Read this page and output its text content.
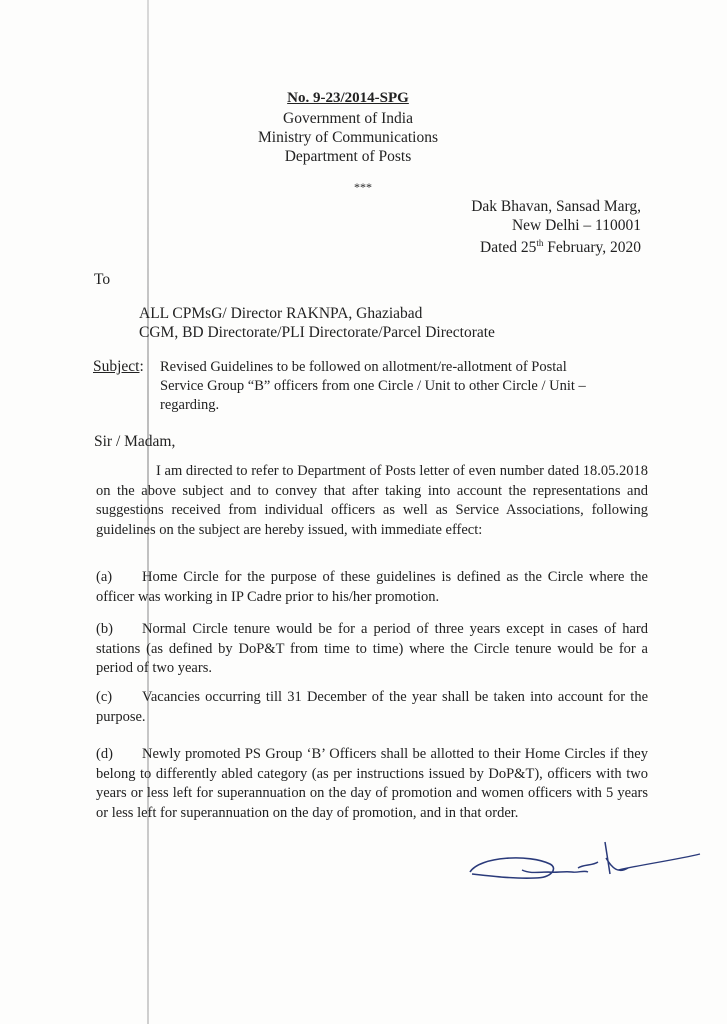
No. 9-23/2014-SPG
Government of India
Ministry of Communications
Department of Posts
***
Dak Bhavan, Sansad Marg,
New Delhi – 110001
Dated 25th February, 2020
To
ALL CPMsG/ Director RAKNPA, Ghaziabad
CGM, BD Directorate/PLI Directorate/Parcel Directorate
Subject: Revised Guidelines to be followed on allotment/re-allotment of Postal
Service Group “B” officers from one Circle / Unit to other Circle / Unit –
regarding.
Sir / Madam,
I am directed to refer to Department of Posts letter of even number dated 18.05.2018 on the above subject and to convey that after taking into account the representations and suggestions received from individual officers as well as Service Associations, following guidelines on the subject are hereby issued, with immediate effect:
(a) Home Circle for the purpose of these guidelines is defined as the Circle where the officer was working in IP Cadre prior to his/her promotion.
(b) Normal Circle tenure would be for a period of three years except in cases of hard stations (as defined by DoP&T from time to time) where the Circle tenure would be for a period of two years.
(c) Vacancies occurring till 31 December of the year shall be taken into account for the purpose.
(d) Newly promoted PS Group ‘B’ Officers shall be allotted to their Home Circles if they belong to differently abled category (as per instructions issued by DoP&T), officers with two years or less left for superannuation on the day of promotion and women officers with 5 years or less left for superannuation on the day of promotion, and in that order.
